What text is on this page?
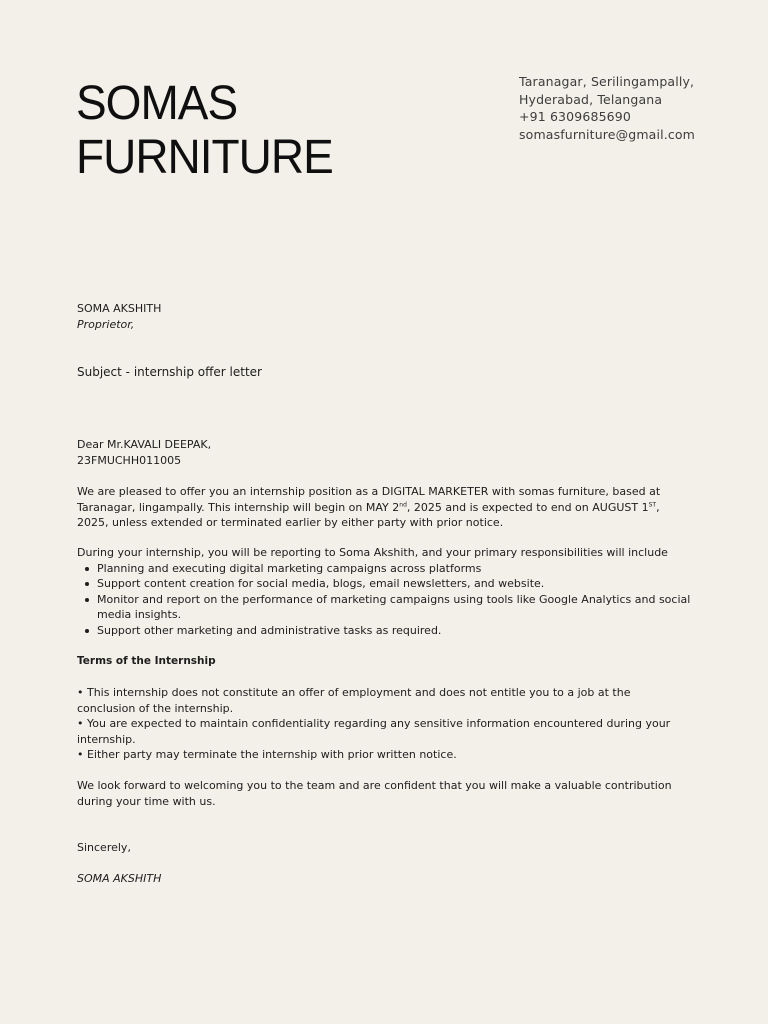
SOMAS
FURNITURE
Taranagar, Serilingampally,
Hyderabad, Telangana
+91 6309685690
somasfurniture@gmail.com
SOMA AKSHITH
Proprietor,
Subject - internship offer letter
Dear Mr.KAVALI DEEPAK,
23FMUCHH011005
We are pleased to offer you an internship position as a DIGITAL MARKETER with somas furniture, based at Taranagar, lingampally. This internship will begin on MAY 2nd, 2025 and is expected to end on AUGUST 1ST, 2025, unless extended or terminated earlier by either party with prior notice.
During your internship, you will be reporting to Soma Akshith, and your primary responsibilities will include
Planning and executing digital marketing campaigns across platforms
Support content creation for social media, blogs, email newsletters, and website.
Monitor and report on the performance of marketing campaigns using tools like Google Analytics and social media insights.
Support other marketing and administrative tasks as required.
Terms of the Internship
• This internship does not constitute an offer of employment and does not entitle you to a job at the conclusion of the internship.
• You are expected to maintain confidentiality regarding any sensitive information encountered during your internship.
• Either party may terminate the internship with prior written notice.
We look forward to welcoming you to the team and are confident that you will make a valuable contribution during your time with us.
Sincerely,
SOMA AKSHITH
